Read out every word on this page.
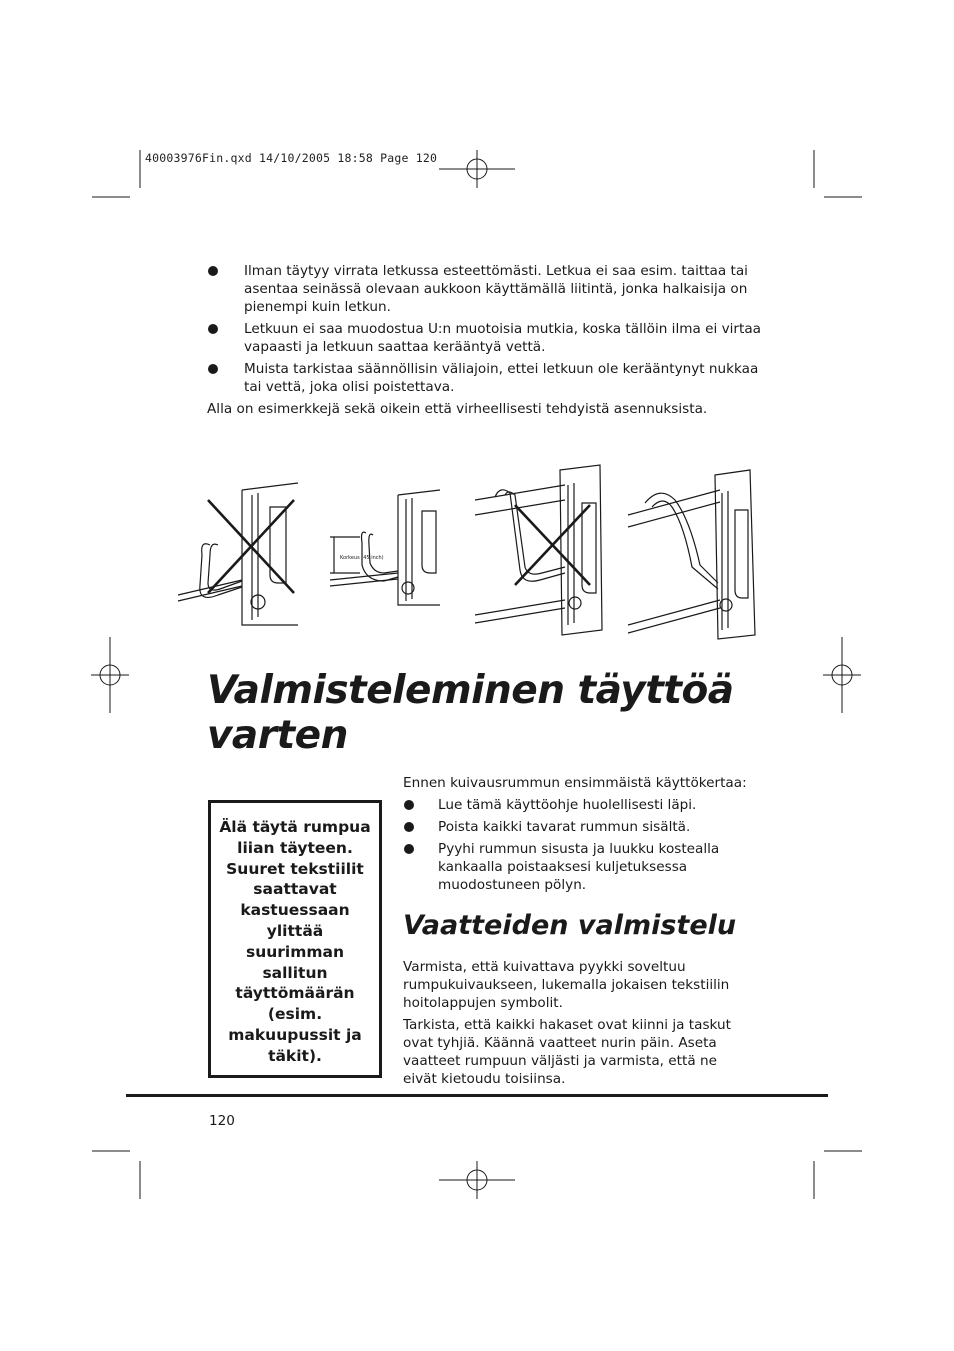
40003976Fin.qxd 14/10/2005 18:58 Page 120
Ilman täytyy virrata letkussa esteettömästi. Letkua ei saa esim. taittaa tai asentaa seinässä olevaan aukkoon käyttämällä liitintä, jonka halkaisija on pienempi kuin letkun.
Letkuun ei saa muodostua U:n muotoisia mutkia, koska tällöin ilma ei virtaa vapaasti ja letkuun saattaa kerääntyä vettä.
Muista tarkistaa säännöllisin väliajoin, ettei letkuun ole kerääntynyt nukkaa tai vettä, joka olisi poistettava.
Alla on esimerkkejä sekä oikein että virheellisesti tehdyistä asennuksista.
Korkeus (45 inch)
Valmisteleminen täyttöä
varten
Älä täytä rumpua liian täyteen. Suuret tekstiilit saattavat kastuessaan ylittää suurimman sallitun täyttömäärän (esim. makuupussit ja täkit).
Ennen kuivausrummun ensimmäistä käyttökertaa:
Lue tämä käyttöohje huolellisesti läpi.
Poista kaikki tavarat rummun sisältä.
Pyyhi rummun sisusta ja luukku kostealla kankaalla poistaaksesi kuljetuksessa muodostuneen pölyn.
Vaatteiden valmistelu

Varmista, että kuivattava pyykki soveltuu rumpukuivaukseen, lukemalla jokaisen tekstiilin hoitolappujen symbolit.

Tarkista, että kaikki hakaset ovat kiinni ja taskut ovat tyhjiä. Käännä vaatteet nurin päin. Aseta vaatteet rumpuun väljästi ja varmista, että ne eivät kietoudu toisiinsa.

120
